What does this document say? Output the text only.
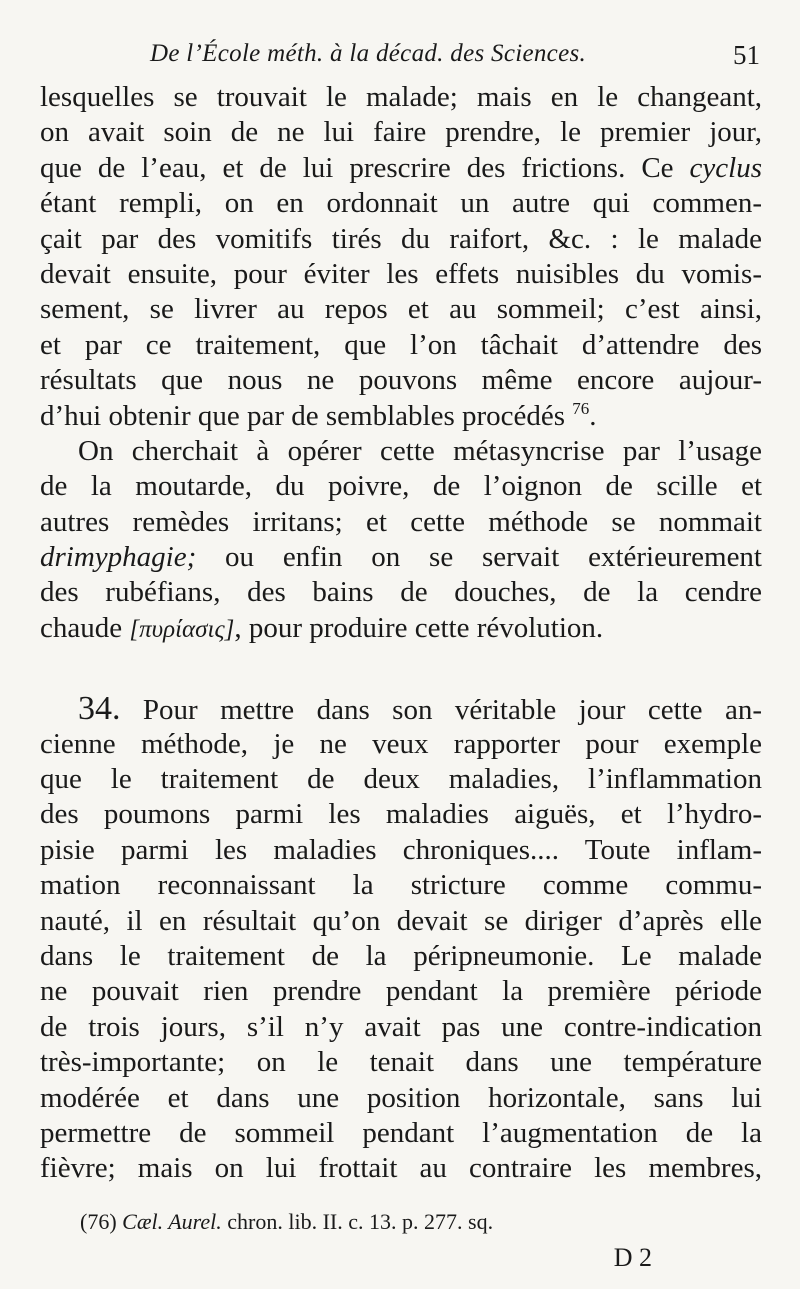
De l’École méth. à la décad. des Sciences.	51
lesquelles se trouvait le malade; mais en le changeant,
on avait soin de ne lui faire prendre, le premier jour,
que de l’eau, et de lui prescrire des frictions. Ce cyclus
étant rempli, on en ordonnait un autre qui commen-
çait par des vomitifs tirés du raifort, &c. : le malade
devait ensuite, pour éviter les effets nuisibles du vomis-
sement, se livrer au repos et au sommeil; c’est ainsi,
et par ce traitement, que l’on tâchait d’attendre des
résultats que nous ne pouvons même encore aujour-
d’hui obtenir que par de semblables procédés $^{76}$.
On cherchait à opérer cette métasyncrise par l’usage
de la moutarde, du poivre, de l’oignon de scille et
autres remèdes irritans; et cette méthode se nommait
drimyphagie; ou enfin on se servait extérieurement
des rubéfians, des bains de douches, de la cendre
chaude [πυρίασις], pour produire cette révolution.
34. Pour mettre dans son véritable jour cette an-
cienne méthode, je ne veux rapporter pour exemple
que le traitement de deux maladies, l’inflammation
des poumons parmi les maladies aiguës, et l’hydro-
pisie parmi les maladies chroniques.... Toute inflam-
mation reconnaissant la stricture comme commu-
nauté, il en résultait qu’on devait se diriger d’après elle
dans le traitement de la péripneumonie. Le malade
ne pouvait rien prendre pendant la première période
de trois jours, s’il n’y avait pas une contre-indication
très-importante; on le tenait dans une température
modérée et dans une position horizontale, sans lui
permettre de sommeil pendant l’augmentation de la
fièvre; mais on lui frottait au contraire les membres,
(76) Cæl. Aurel. chron. lib. II. c. 13. p. 277. sq.
D 2
